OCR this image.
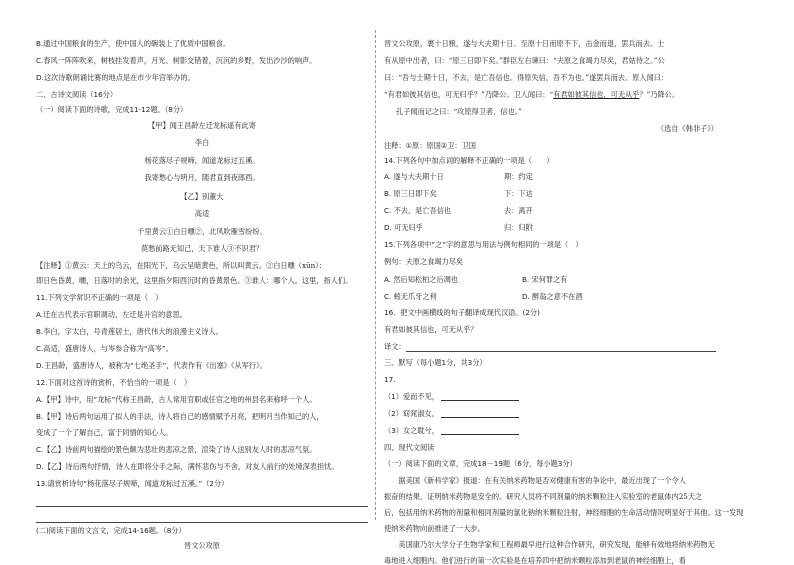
B.通过中国粮食的生产，使中国人的碗装上了优质中国粮食。
C.春风一阵阵吹来，树枝挂发着声，月光、树影交错着，沉沉的乡野，发出沙沙的响声。
D.这次诗歌朗诵比赛的地点是在市少年宫举办的。
二、古诗文阅读（16分）
（一）阅读下面的诗歌，完成11-12题。（8分）
【甲】闻王昌龄左迁龙标遥有此寄
李白
杨花落尽子规啼，闻道龙标过五溪。
我寄愁心与明月，随君直到夜郎西。
【乙】别董大
高适
千里黄云①白日曛②，北风吹雁雪纷纷。
莫愁前路无知己，天下谁人③不识君？
【注释】①黄云：天上的乌云，在阳光下，乌云呈暗黄色，所以叫黄云。②白日曛（xūn）：
即日色昏黄，曛，日落时的余光，这里指夕阳西沉时的昏黄景色。③谁人：哪个人。这里，指人们。
11.下列文学常识不正确的一项是（　）
A.迁在古代表示官职调动，左迁是升官的意思。
B.李白，字太白，号青莲居士，唐代伟大的浪漫主义诗人。
C.高适，盛唐诗人，与岑参合称为“高岑”。
D.王昌龄，盛唐诗人，被称为“七绝圣手”，代表作有《出塞》《从军行》。
12.下面对这首诗的赏析，不恰当的一项是（　）
A.【甲】诗中，用“龙标”代称王昌龄，古人常用官职或任官之地的州县名来称呼一个人。
B.【甲】诗后两句运用了拟人的手法，诗人将自己的感情赋予月亮，把明月当作知己的人，
变成了一个了解自己，富于同情的知心人。
C.【乙】诗前两句描绘的景色颇为悲壮的悲凉之景，渲染了诗人送别友人时的悲凉气氛。
D.【乙】诗后两句抒情，诗人在即将分手之际，满怀悲伤与不舍，对友人前行的处境深表担忧。
13.请赏析诗句“杨花落尽子规啼，闻道龙标过五溪。”（2分）
(二)阅读下面的文言文，完成14-16题。（8分）
晋文公攻原
晋文公攻原，裹十日粮，遂与大夫期十日。至原十日而原不下，击金而退，罢兵而去。士
有从原中出者，曰：“原三日即下矣。”群臣左右谏曰：“夫原之食竭力尽矣，君姑待之。”公
曰：“吾与士期十日，不去，是亡吾信也。得原失信，吾不为也。”遂罢兵而去。原人闻曰：
“有君如彼其信也，可无归乎？”乃降公。卫人闻曰：“有君如彼其信也，可无从乎？”乃降公。
孔子闻而记之曰：“攻原得卫者，信也。”
（选自《韩非子》）
注释：①原：原国②卫：卫国
14.下列各句中加点词的解释不正确的一项是（　　）
A. 遂与大夫期十日	期：约定
B. 原三日即下矣	下：下达
C. 不去，是亡吾信也	去：离开
D. 可无归乎	归：归附
15.下列各项中“之”字的意思与用法与例句相同的一项是（　）
例句：夫原之食竭力尽矣
A. 然后知松柏之后凋也	B. 宋何罪之有
C. 蚓无爪牙之利	D. 醉翁之意不在酒
16．把文中画横线的句子翻译成现代汉语。(2分)
有君如彼其信也，可无从乎？
译文：
三、默写（每小题1分，共3分）
17.
（1）爱而不见，
（2）窈窕淑女，
（3）女之耽兮，
四、现代文阅读
（一）阅读下面的文章，完成18－19题（6分，每小题3分）
　　据美国《新科学家》报道：在有关纳米药物是否对健康有害的争论中，最近出现了一个令人
振奋的结果，证明纳米药物是安全的。研究人员将不同剂量的纳米颗粒注入实验室的老鼠体内25天之
后，包括用纳米药物的剂量和相同剂量的氯化钠纳米颗粒注射，神经细胞的生命活动情况明显好于其他。这一发现
使纳米药物向前推进了一大步。
　　美国康乃尔大学分子生物学家和工程师最早进行这种合作研究，研究发现，能够有效地将纳米药物无
毒地进入细胞内。他们进行的第一次实验是在培养四中把纳米颗粒添加到老鼠的神经细胞上，看
